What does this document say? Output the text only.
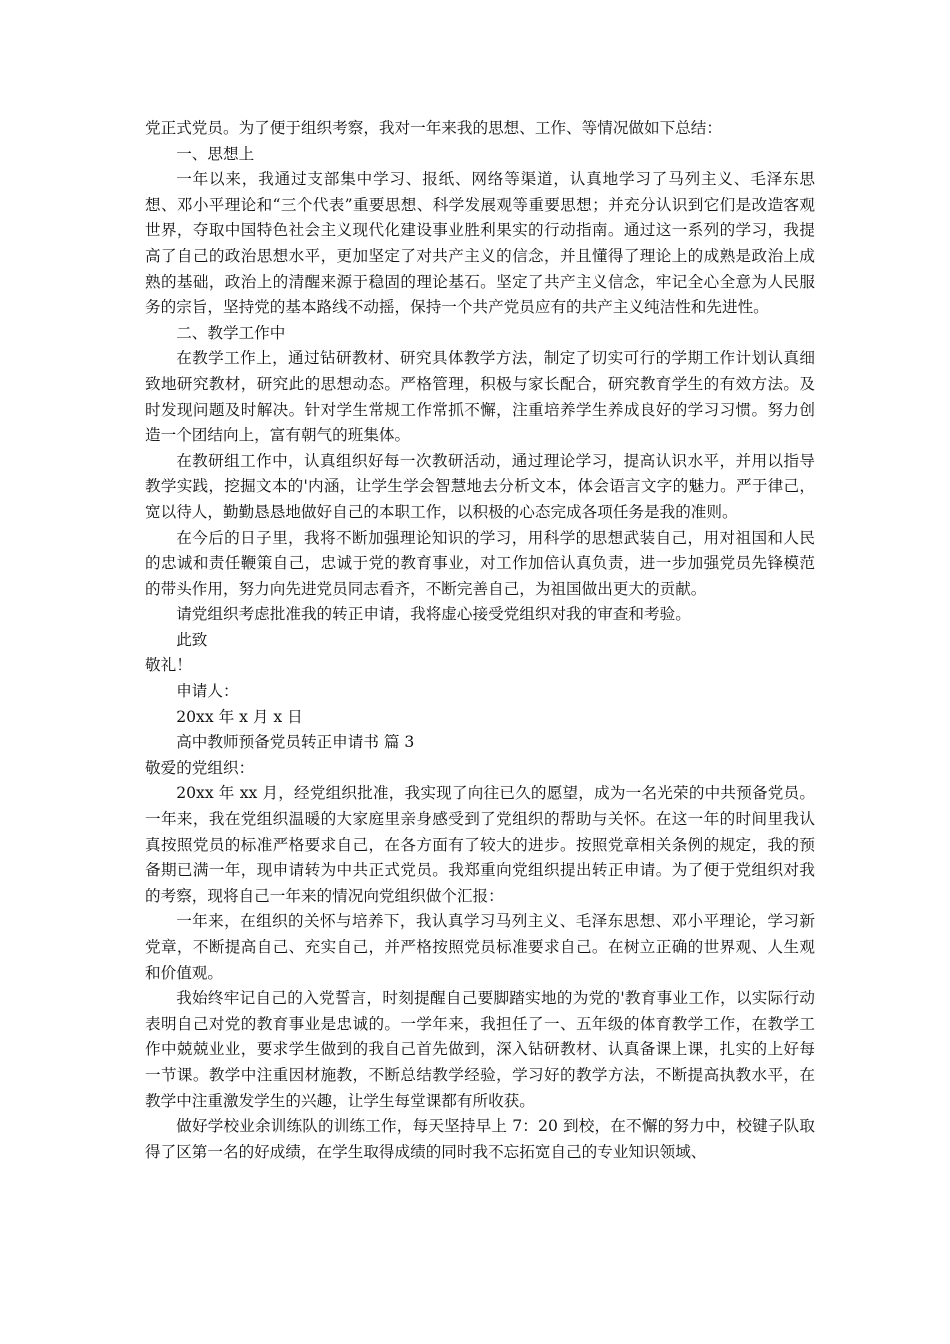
党正式党员。为了便于组织考察，我对一年来我的思想、工作、等情况做如下总结：

一、思想上

一年以来，我通过支部集中学习、报纸、网络等渠道，认真地学习了马列主义、毛泽东思想、邓小平理论和“三个代表”重要思想、科学发展观等重要思想；并充分认识到它们是改造客观世界，夺取中国特色社会主义现代化建设事业胜利果实的行动指南。通过这一系列的学习，我提高了自己的政治思想水平，更加坚定了对共产主义的信念，并且懂得了理论上的成熟是政治上成熟的基础，政治上的清醒来源于稳固的理论基石。坚定了共产主义信念，牢记全心全意为人民服务的宗旨，坚持党的基本路线不动摇，保持一个共产党员应有的共产主义纯洁性和先进性。

二、教学工作中

在教学工作上，通过钻研教材、研究具体教学方法，制定了切实可行的学期工作计划认真细致地研究教材，研究此的思想动态。严格管理，积极与家长配合，研究教育学生的有效方法。及时发现问题及时解决。针对学生常规工作常抓不懈，注重培养学生养成良好的学习习惯。努力创造一个团结向上，富有朝气的班集体。

在教研组工作中，认真组织好每一次教研活动，通过理论学习，提高认识水平，并用以指导教学实践，挖掘文本的'内涵，让学生学会智慧地去分析文本，体会语言文字的魅力。严于律己，宽以待人，勤勤恳恳地做好自己的本职工作，以积极的心态完成各项任务是我的准则。

在今后的日子里，我将不断加强理论知识的学习，用科学的思想武装自己，用对祖国和人民的忠诚和责任鞭策自己，忠诚于党的教育事业，对工作加倍认真负责，进一步加强党员先锋模范的带头作用，努力向先进党员同志看齐，不断完善自己，为祖国做出更大的贡献。

请党组织考虑批准我的转正申请，我将虚心接受党组织对我的审查和考验。

此致

敬礼！

申请人：

20xx 年 x 月 x 日

高中教师预备党员转正申请书 篇 3

敬爱的党组织：

20xx 年 xx 月，经党组织批准，我实现了向往已久的愿望，成为一名光荣的中共预备党员。一年来，我在党组织温暖的大家庭里亲身感受到了党组织的帮助与关怀。在这一年的时间里我认真按照党员的标准严格要求自己，在各方面有了较大的进步。按照党章相关条例的规定，我的预备期已满一年，现申请转为中共正式党员。我郑重向党组织提出转正申请。为了便于党组织对我的考察，现将自己一年来的情况向党组织做个汇报：

一年来，在组织的关怀与培养下，我认真学习马列主义、毛泽东思想、邓小平理论，学习新党章，不断提高自己、充实自己，并严格按照党员标准要求自己。在树立正确的世界观、人生观和价值观。

我始终牢记自己的入党誓言，时刻提醒自己要脚踏实地的为党的'教育事业工作，以实际行动表明自己对党的教育事业是忠诚的。一学年来，我担任了一、五年级的体育教学工作，在教学工作中兢兢业业，要求学生做到的我自己首先做到，深入钻研教材、认真备课上课，扎实的上好每一节课。教学中注重因材施教，不断总结教学经验，学习好的教学方法，不断提高执教水平，在教学中注重激发学生的兴趣，让学生每堂课都有所收获。

做好学校业余训练队的训练工作，每天坚持早上 7：20 到校，在不懈的努力中，校键子队取得了区第一名的好成绩，在学生取得成绩的同时我不忘拓宽自己的专业知识领域、
